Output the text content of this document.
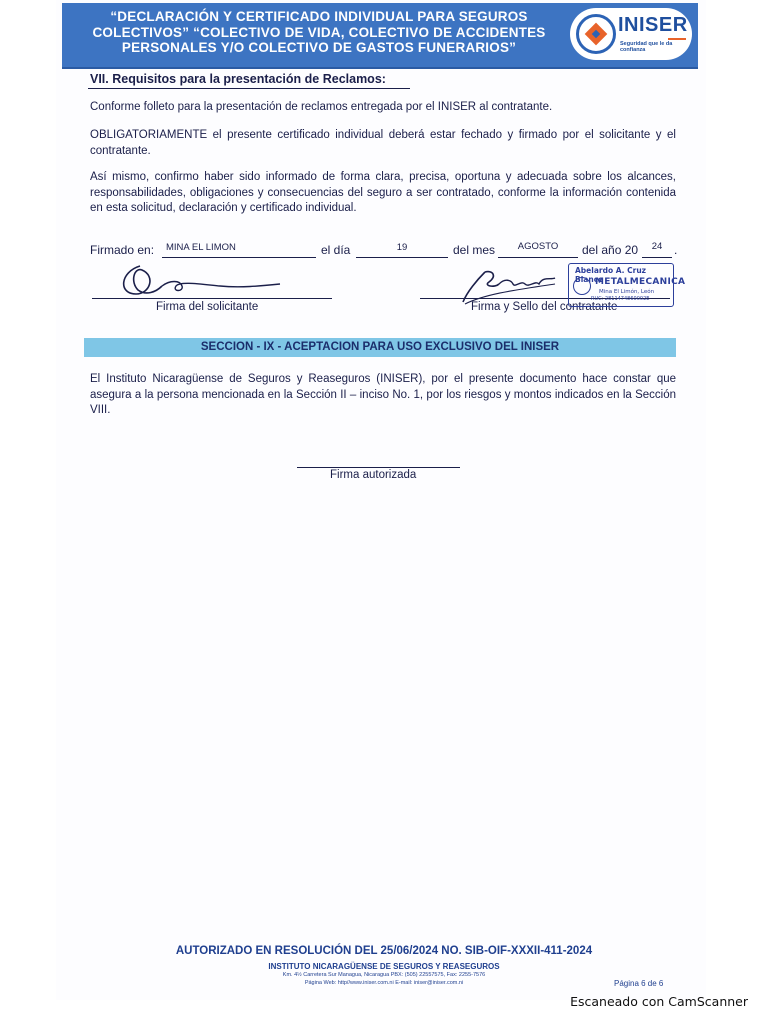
“DECLARACIÓN Y CERTIFICADO INDIVIDUAL PARA SEGUROS
COLECTIVOS” “COLECTIVO DE VIDA, COLECTIVO DE ACCIDENTES
PERSONALES Y/O COLECTIVO DE GASTOS FUNERARIOS”
INISER
Seguridad que le da confianza
VII. Requisitos para la presentación de Reclamos:
Conforme folleto para la presentación de reclamos entregada por el INISER al contratante.
OBLIGATORIAMENTE el presente certificado individual deberá estar fechado y firmado por el solicitante y el contratante.
Así mismo, confirmo haber sido informado de forma clara, precisa, oportuna y adecuada sobre los alcances, responsabilidades, obligaciones y consecuencias del seguro a ser contratado, conforme la información contenida en esta solicitud, declaración y certificado individual.
Firmado en:	MINA EL LIMON	el día	19	del mes	AGOSTO	del año 20	24 .
Firma del solicitante	Firma y Sello del contratante
Abelardo A. Cruz Blanco
METALMECANICA
Mina El Limón, León
RUC: 2811474860002E
SECCION - IX - ACEPTACION PARA USO EXCLUSIVO DEL INISER
El Instituto Nicaragüense de Seguros y Reaseguros (INISER), por el presente documento hace constar que asegura a la persona mencionada en la Sección II – inciso No. 1, por los riesgos y montos indicados en la Sección VIII.
Firma autorizada
AUTORIZADO EN RESOLUCIÓN DEL 25/06/2024 NO. SIB-OIF-XXXII-411-2024
INSTITUTO NICARAGÜENSE DE SEGUROS Y REASEGUROS
Km. 4½ Carretera Sur Managua, Nicaragua PBX: (505) 22557575, Fax: 2255-7576
Página Web: http//www.iniser.com.ni E-mail: iniser@iniser.com.ni	Página 6 de 6
Escaneado con CamScanner
